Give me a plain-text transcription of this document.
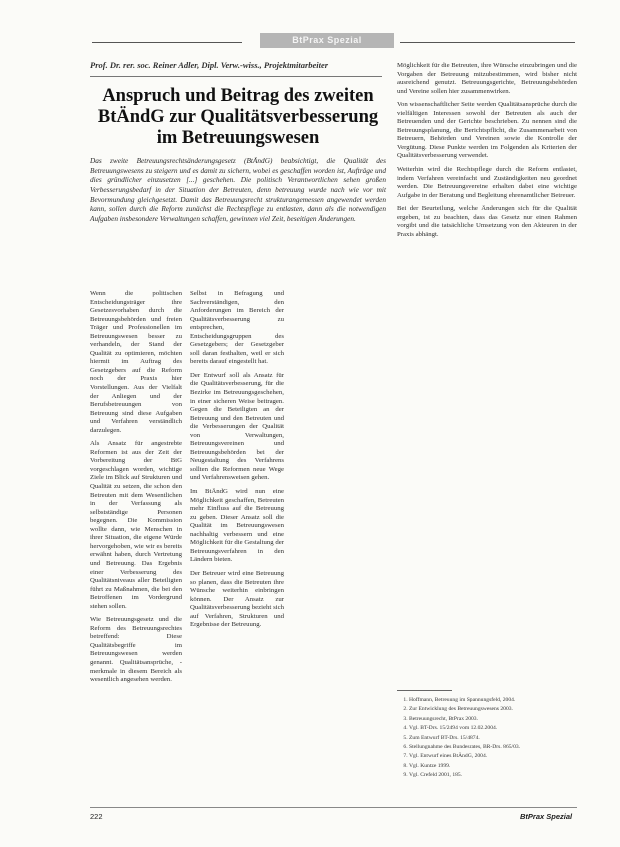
BtPrax Spezial
Prof. Dr. rer. soc. Reiner Adler, Dipl. Verw.-wiss., Projektmitarbeiter
Anspruch und Beitrag des zweiten BtÄndG zur Qualitätsverbesserung im Betreuungswesen
Das zweite Betreuungsrechtsänderungsgesetz (BtÄndG) beabsichtigt, die Qualität des Betreuungswesens zu steigern und es damit zu sichern, wobei es geschaffen worden ist, Aufträge und dies gründlicher einzusetzen [...] geschehen. Die politisch Verantwortlichen sehen großen Verbesserungsbedarf in der Situation der Betreuten, denn betreuung wurde nach wie vor mit Bevormundung gleichgesetzt. Damit das Betreuungsrecht strukturangemessen angewendet werden kann, sollen durch die Reform zunächst die Rechtspflege zu entlasten, dann als die notwendigen Aufgaben insbesondere Verwaltungen schaffen, gewinnen viel Zeit, beseitigen Änderungen.

Wenn die politischen Entscheidungsträger ihre Gesetzesvorhaben durch die Betreuungsbehörden und freien Träger und Professionellen im Betreuungswesen besser zu verhandeln, der Stand der Qualität zu optimieren, möchten hiermit im Auftrag des Gesetzgebers auf die Reform noch der Praxis hier Vorstellungen. Aus der Vielfalt der Anliegen und der Berufsbetreuungen von Betreuung sind diese Aufgaben und Verfahren verständlich darzulegen.

Als Ansatz für angestrebte Reformen ist aus der Zeit der Vorbereitung der BtG vorgeschlagen worden, wichtige Ziele im Blick auf Strukturen und Qualität zu setzen, die schon den Betreuten mit dem Wesentlichen in der Verfassung als selbstständige Personen begegnen. Die Kommission wollte dann, wie Menschen in ihrer Situation, die eigene Würde hervorgehoben, wie wir es bereits erwähnt haben, durch Vertretung und Betreuung. Das Ergebnis einer Verbesserung des Qualitätsniveaus aller Beteiligten führt zu Maßnahmen, die bei den Betroffenen im Vordergrund stehen sollen.

Wie Betreuungsgesetz und die Reform des Betreuungsrechtes betreffend: Diese Qualitätsbegriffe im Betreuungswesen werden genannt. Qualitätsansprüche, -merkmale in diesem Bereich als wesentlich angesehen werden.

Selbst in Befragung und Sachverständigen, den Anforderungen im Bereich der Qualitätsverbesserung zu entsprechen, Entscheidungsgruppen des Gesetzgebers; der Gesetzgeber soll daran festhalten, weil er sich bereits darauf eingestellt hat.

Der Entwurf soll als Ansatz für die Qualitätsverbesserung, für die Bezirke im Betreuungsgeschehen, in einer sicheren Weise beitragen. Gegen die Beteiligten an der Betreuung und den Betreuten und die Verbesserungen der Qualität von Verwaltungen, Betreuungsvereinen und Betreuungsbehörden bei der Neugestaltung des Verfahrens sollten die Reformen neue Wege und Verfahrensweisen gehen.

Im BtÄndG wird nun eine Möglichkeit geschaffen, Betreuten mehr Einfluss auf die Betreuung zu geben. Dieser Ansatz soll die Qualität im Betreuungswesen nachhaltig verbessern und eine Möglichkeit für die Gestaltung der Betreuungsverfahren in den Ländern bieten.

Der Betreuer wird eine Betreuung so planen, dass die Betreuten ihre Wünsche weiterhin einbringen können. Der Ansatz zur Qualitätsverbesserung bezieht sich auf Verfahren, Strukturen und Ergebnisse der Betreuung.

Möglichkeit für die Betreuten, ihre Wünsche einzubringen und die Vorgaben der Betreuung mitzubestimmen, wird bisher nicht ausreichend genutzt. Betreuungsgerichte, Betreuungsbehörden und Vereine sollen hier zusammenwirken.

Von wissenschaftlicher Seite werden Qualitätsansprüche durch die vielfältigen Interessen sowohl der Betreuten als auch der Betreuenden und der Gerichte beschrieben. Zu nennen sind die Betreuungsplanung, die Berichtspflicht, die Zusammenarbeit von Betreuern, Behörden und Vereinen sowie die Kontrolle der Vergütung. Diese Punkte werden im Folgenden als Kriterien der Qualitätsverbesserung verwendet.

Weiterhin wird die Rechtspflege durch die Reform entlastet, indem Verfahren vereinfacht und Zuständigkeiten neu geordnet werden. Die Betreuungsvereine erhalten dabei eine wichtige Aufgabe in der Beratung und Begleitung ehrenamtlicher Betreuer.

Bei der Beurteilung, welche Änderungen sich für die Qualität ergeben, ist zu beachten, dass das Gesetz nur einen Rahmen vorgibt und die tatsächliche Umsetzung von den Akteuren in der Praxis abhängt.

1. Hoffmann, Betreuung im Spannungsfeld, 2004.
2. Zur Entwicklung des Betreuungswesens 2003.
3. Betreuungsrecht, BtPrax 2003.
4. Vgl. BT-Drs. 15/2494 vom 12.02.2004.
5. Zum Entwurf BT-Drs. 15/4874.
6. Stellungnahme des Bundesrates, BR-Drs. 865/03.
7. Vgl. Entwurf eines BtÄndG, 2004.
8. Vgl. Kuntze 1999.
9. Vgl. Crefeld 2001, 185.
222	BtPrax Spezial
